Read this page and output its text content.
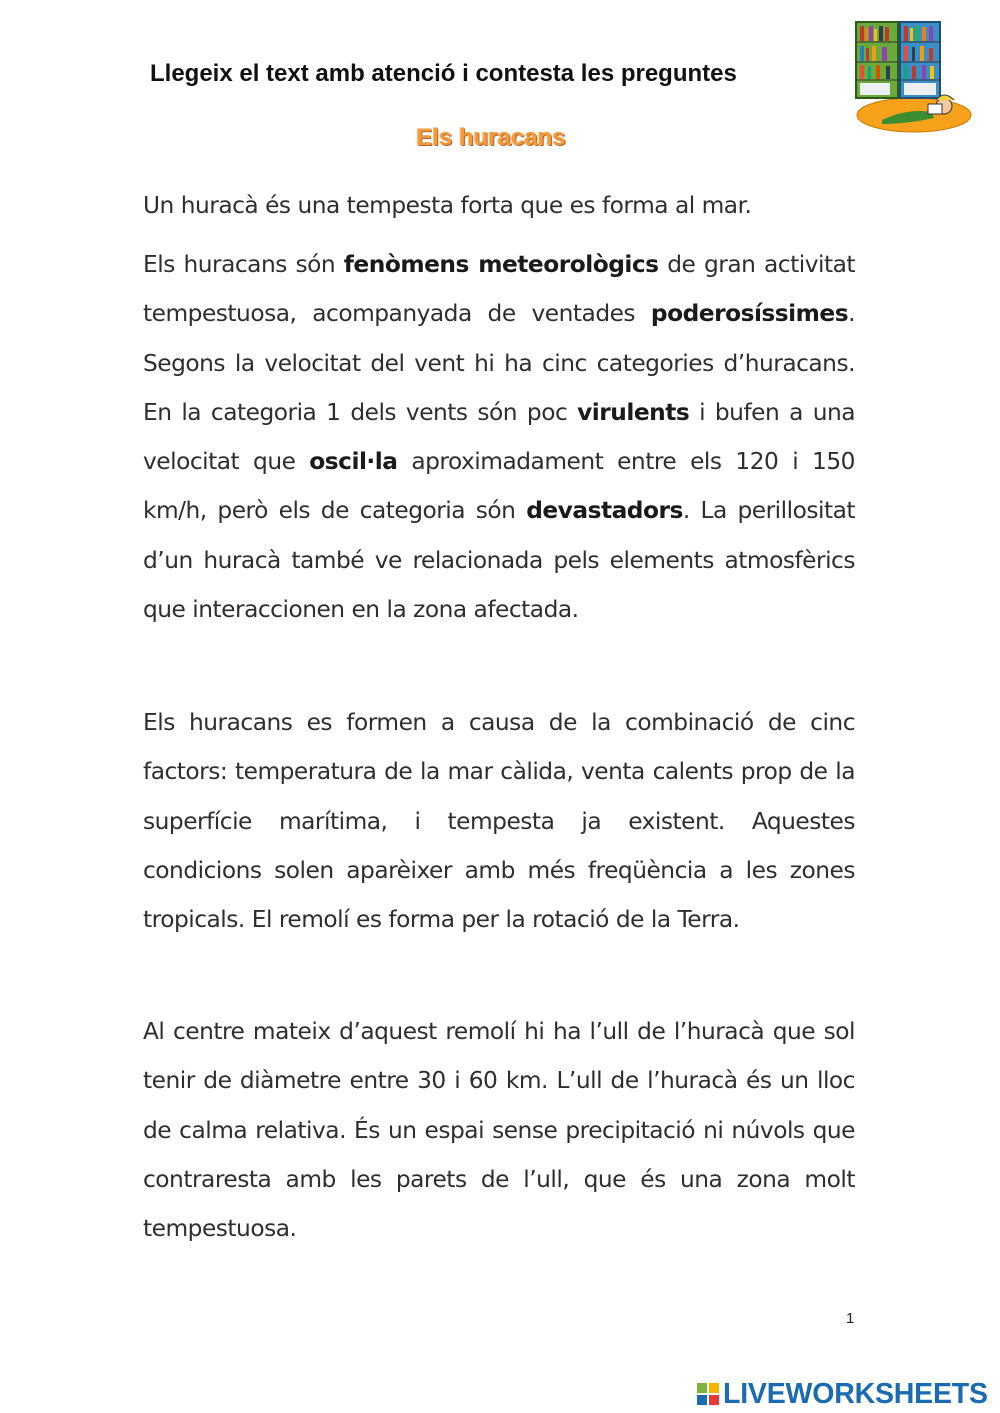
Llegeix el text amb atenció i contesta les preguntes
Els huracans

Un huracà és una tempesta forta que es forma al mar.

Els huracans són fenòmens meteorològics de gran activitat tempestuosa, acompanyada de ventades poderosíssimes. Segons la velocitat del vent hi ha cinc categories d’huracans. En la categoria 1 dels vents són poc virulents i bufen a una velocitat que oscil·la aproximadament entre els 120 i 150 km/h, però els de categoria són devastadors. La perillositat d’un huracà també ve relacionada pels elements atmosfèrics que interaccionen en la zona afectada.

Els huracans es formen a causa de la combinació de cinc factors: temperatura de la mar càlida, venta calents prop de la superfície marítima, i tempesta ja existent. Aquestes condicions solen aparèixer amb més freqüència a les zones tropicals. El remolí es forma per la rotació de la Terra.

Al centre mateix d’aquest remolí hi ha l’ull de l’huracà que sol tenir de diàmetre entre 30 i 60 km. L’ull de l’huracà és un lloc de calma relativa. És un espai sense precipitació ni núvols que contraresta amb les parets de l’ull, que és una zona molt tempestuosa.

1
LIVEWORKSHEETS
